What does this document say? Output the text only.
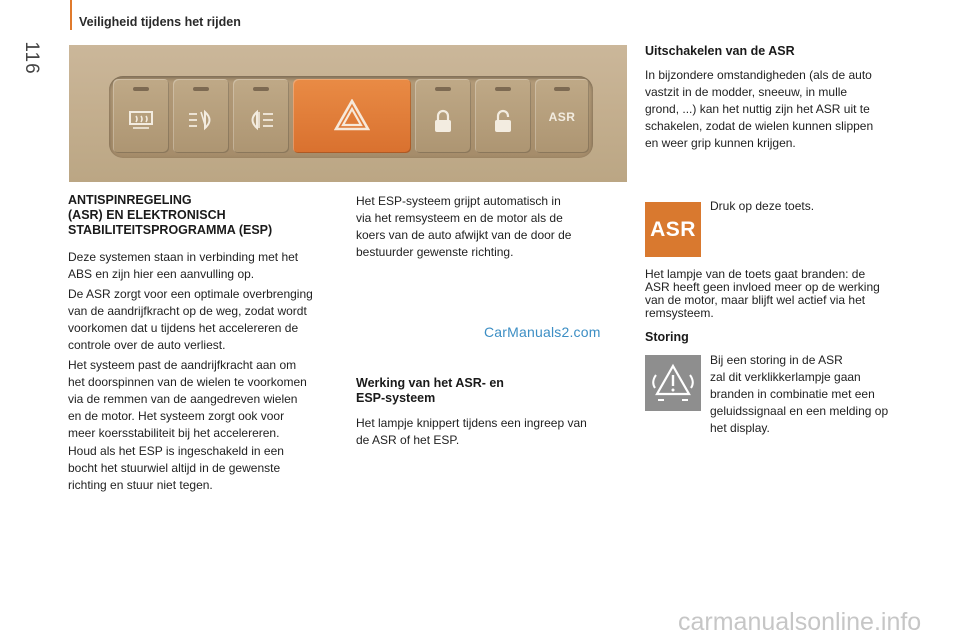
Veiligheid tijdens het rijden
116
ASR
ANTISPINREGELING
(ASR) EN ELEKTRONISCH
STABILITEITSPROGRAMMA (ESP)
Deze systemen staan in verbinding met het
ABS en zijn hier een aanvulling op.
De ASR zorgt voor een optimale overbrenging
van de aandrijfkracht op de weg, zodat wordt
voorkomen dat u tijdens het accelereren de
controle over de auto verliest.
Het systeem past de aandrijfkracht aan om
het doorspinnen van de wielen te voorkomen
via de remmen van de aangedreven wielen
en de motor. Het systeem zorgt ook voor
meer koersstabiliteit bij het accelereren.
Houd als het ESP is ingeschakeld in een
bocht het stuurwiel altijd in de gewenste
richting en stuur niet tegen.
Het ESP-systeem grijpt automatisch in
via het remsysteem en de motor als de
koers van de auto afwijkt van de door de
bestuurder gewenste richting.
Werking van het ASR- en
ESP-systeem
Het lampje knippert tijdens een ingreep van
de ASR of het ESP.
Uitschakelen van de ASR
In bijzondere omstandigheden (als de auto
vastzit in de modder, sneeuw, in mulle
grond, ...) kan het nuttig zijn het ASR uit te
schakelen, zodat de wielen kunnen slippen
en weer grip kunnen krijgen.
ASR
Druk op deze toets.
Het lampje van de toets gaat branden: de
ASR heeft geen invloed meer op de werking
van de motor, maar blijft wel actief via het
remsysteem.
Storing
Bij een storing in de ASR
zal dit verklikkerlampje gaan
branden in combinatie met een
geluidssignaal en een melding op
het display.
CarManuals2.com
carmanualsonline.info
